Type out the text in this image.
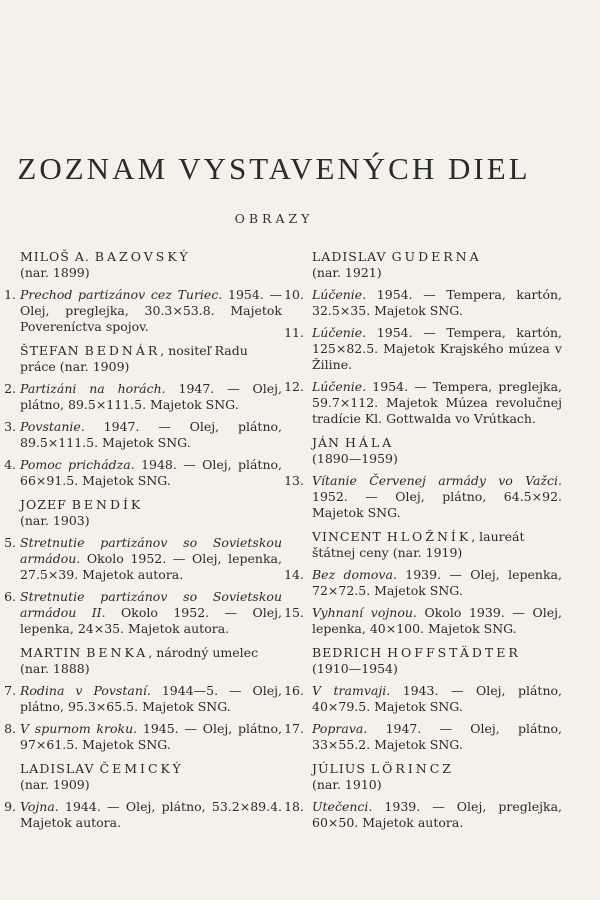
ZOZNAM VYSTAVENÝCH DIEL
OBRAZY
MILOŠ A. BAZOVSKÝ
(nar. 1899)
1. Prechod partizánov cez Turiec. 1954. — Olej, preglejka, 30.3×53.8. Majetok Povereníctva spojov.
ŠTEFAN BEDNÁR, nositeľ Radu práce (nar. 1909)
2. Partizáni na horách. 1947. — Olej, plátno, 89.5×111.5. Majetok SNG.
3. Povstanie. 1947. — Olej, plátno, 89.5×111.5. Majetok SNG.
4. Pomoc prichádza. 1948. — Olej, plátno, 66×91.5. Majetok SNG.
JOZEF BENDÍK
(nar. 1903)
5. Stretnutie partizánov so Sovietskou armádou. Okolo 1952. — Olej, lepenka, 27.5×39. Majetok autora.
6. Stretnutie partizánov so Sovietskou armádou II. Okolo 1952. — Olej, lepenka, 24×35. Majetok autora.
MARTIN BENKA, národný umelec (nar. 1888)
7. Rodina v Povstaní. 1944—5. — Olej, plátno, 95.3×65.5. Majetok SNG.
8. V spurnom kroku. 1945. — Olej, plátno, 97×61.5. Majetok SNG.
LADISLAV ČEMICKÝ
(nar. 1909)
9. Vojna. 1944. — Olej, plátno, 53.2×89.4. Majetok autora.
LADISLAV GUDERNA
(nar. 1921)
10. Lúčenie. 1954. — Tempera, kartón, 32.5×35. Majetok SNG.
11. Lúčenie. 1954. — Tempera, kartón, 125×82.5. Majetok Krajského múzea v Žiline.
12. Lúčenie. 1954. — Tempera, preglejka, 59.7×112. Majetok Múzea revolučnej tradície Kl. Gottwalda vo Vrútkach.
JÁN HÁLA
(1890—1959)
13. Vítanie Červenej armády vo Važci. 1952. — Olej, plátno, 64.5×92. Majetok SNG.
VINCENT HLOŽNÍK, laureát štátnej ceny (nar. 1919)
14. Bez domova. 1939. — Olej, lepenka, 72×72.5. Majetok SNG.
15. Vyhnaní vojnou. Okolo 1939. — Olej, lepenka, 40×100. Majetok SNG.
BEDRICH HOFFSTÄDTER
(1910—1954)
16. V tramvaji. 1943. — Olej, plátno, 40×79.5. Majetok SNG.
17. Poprava. 1947. — Olej, plátno, 33×55.2. Majetok SNG.
JÚLIUS LÖRINCZ
(nar. 1910)
18. Utečenci. 1939. — Olej, preglejka, 60×50. Majetok autora.
